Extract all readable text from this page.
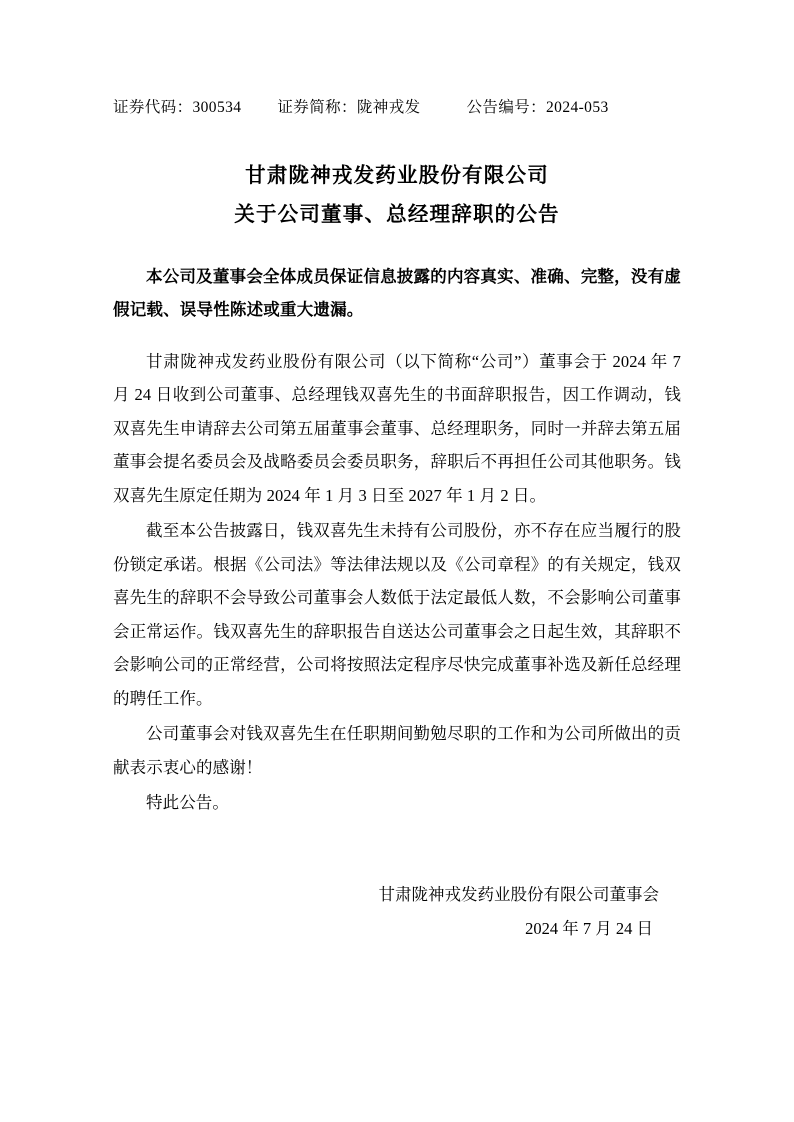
证券代码：300534 证券简称：陇神戎发	公告编号：2024-053
甘肃陇神戎发药业股份有限公司
关于公司董事、总经理辞职的公告

本公司及董事会全体成员保证信息披露的内容真实、准确、完整，没有虚假记载、误导性陈述或重大遗漏。

甘肃陇神戎发药业股份有限公司（以下简称“公司”）董事会于 2024 年 7 月 24 日收到公司董事、总经理钱双喜先生的书面辞职报告，因工作调动，钱双喜先生申请辞去公司第五届董事会董事、总经理职务，同时一并辞去第五届董事会提名委员会及战略委员会委员职务，辞职后不再担任公司其他职务。钱双喜先生原定任期为 2024 年 1 月 3 日至 2027 年 1 月 2 日。

截至本公告披露日，钱双喜先生未持有公司股份，亦不存在应当履行的股份锁定承诺。根据《公司法》等法律法规以及《公司章程》的有关规定，钱双喜先生的辞职不会导致公司董事会人数低于法定最低人数，不会影响公司董事会正常运作。钱双喜先生的辞职报告自送达公司董事会之日起生效，其辞职不会影响公司的正常经营，公司将按照法定程序尽快完成董事补选及新任总经理的聘任工作。

公司董事会对钱双喜先生在任职期间勤勉尽职的工作和为公司所做出的贡献表示衷心的感谢！

特此公告。

甘肃陇神戎发药业股份有限公司董事会
2024 年 7 月 24 日
